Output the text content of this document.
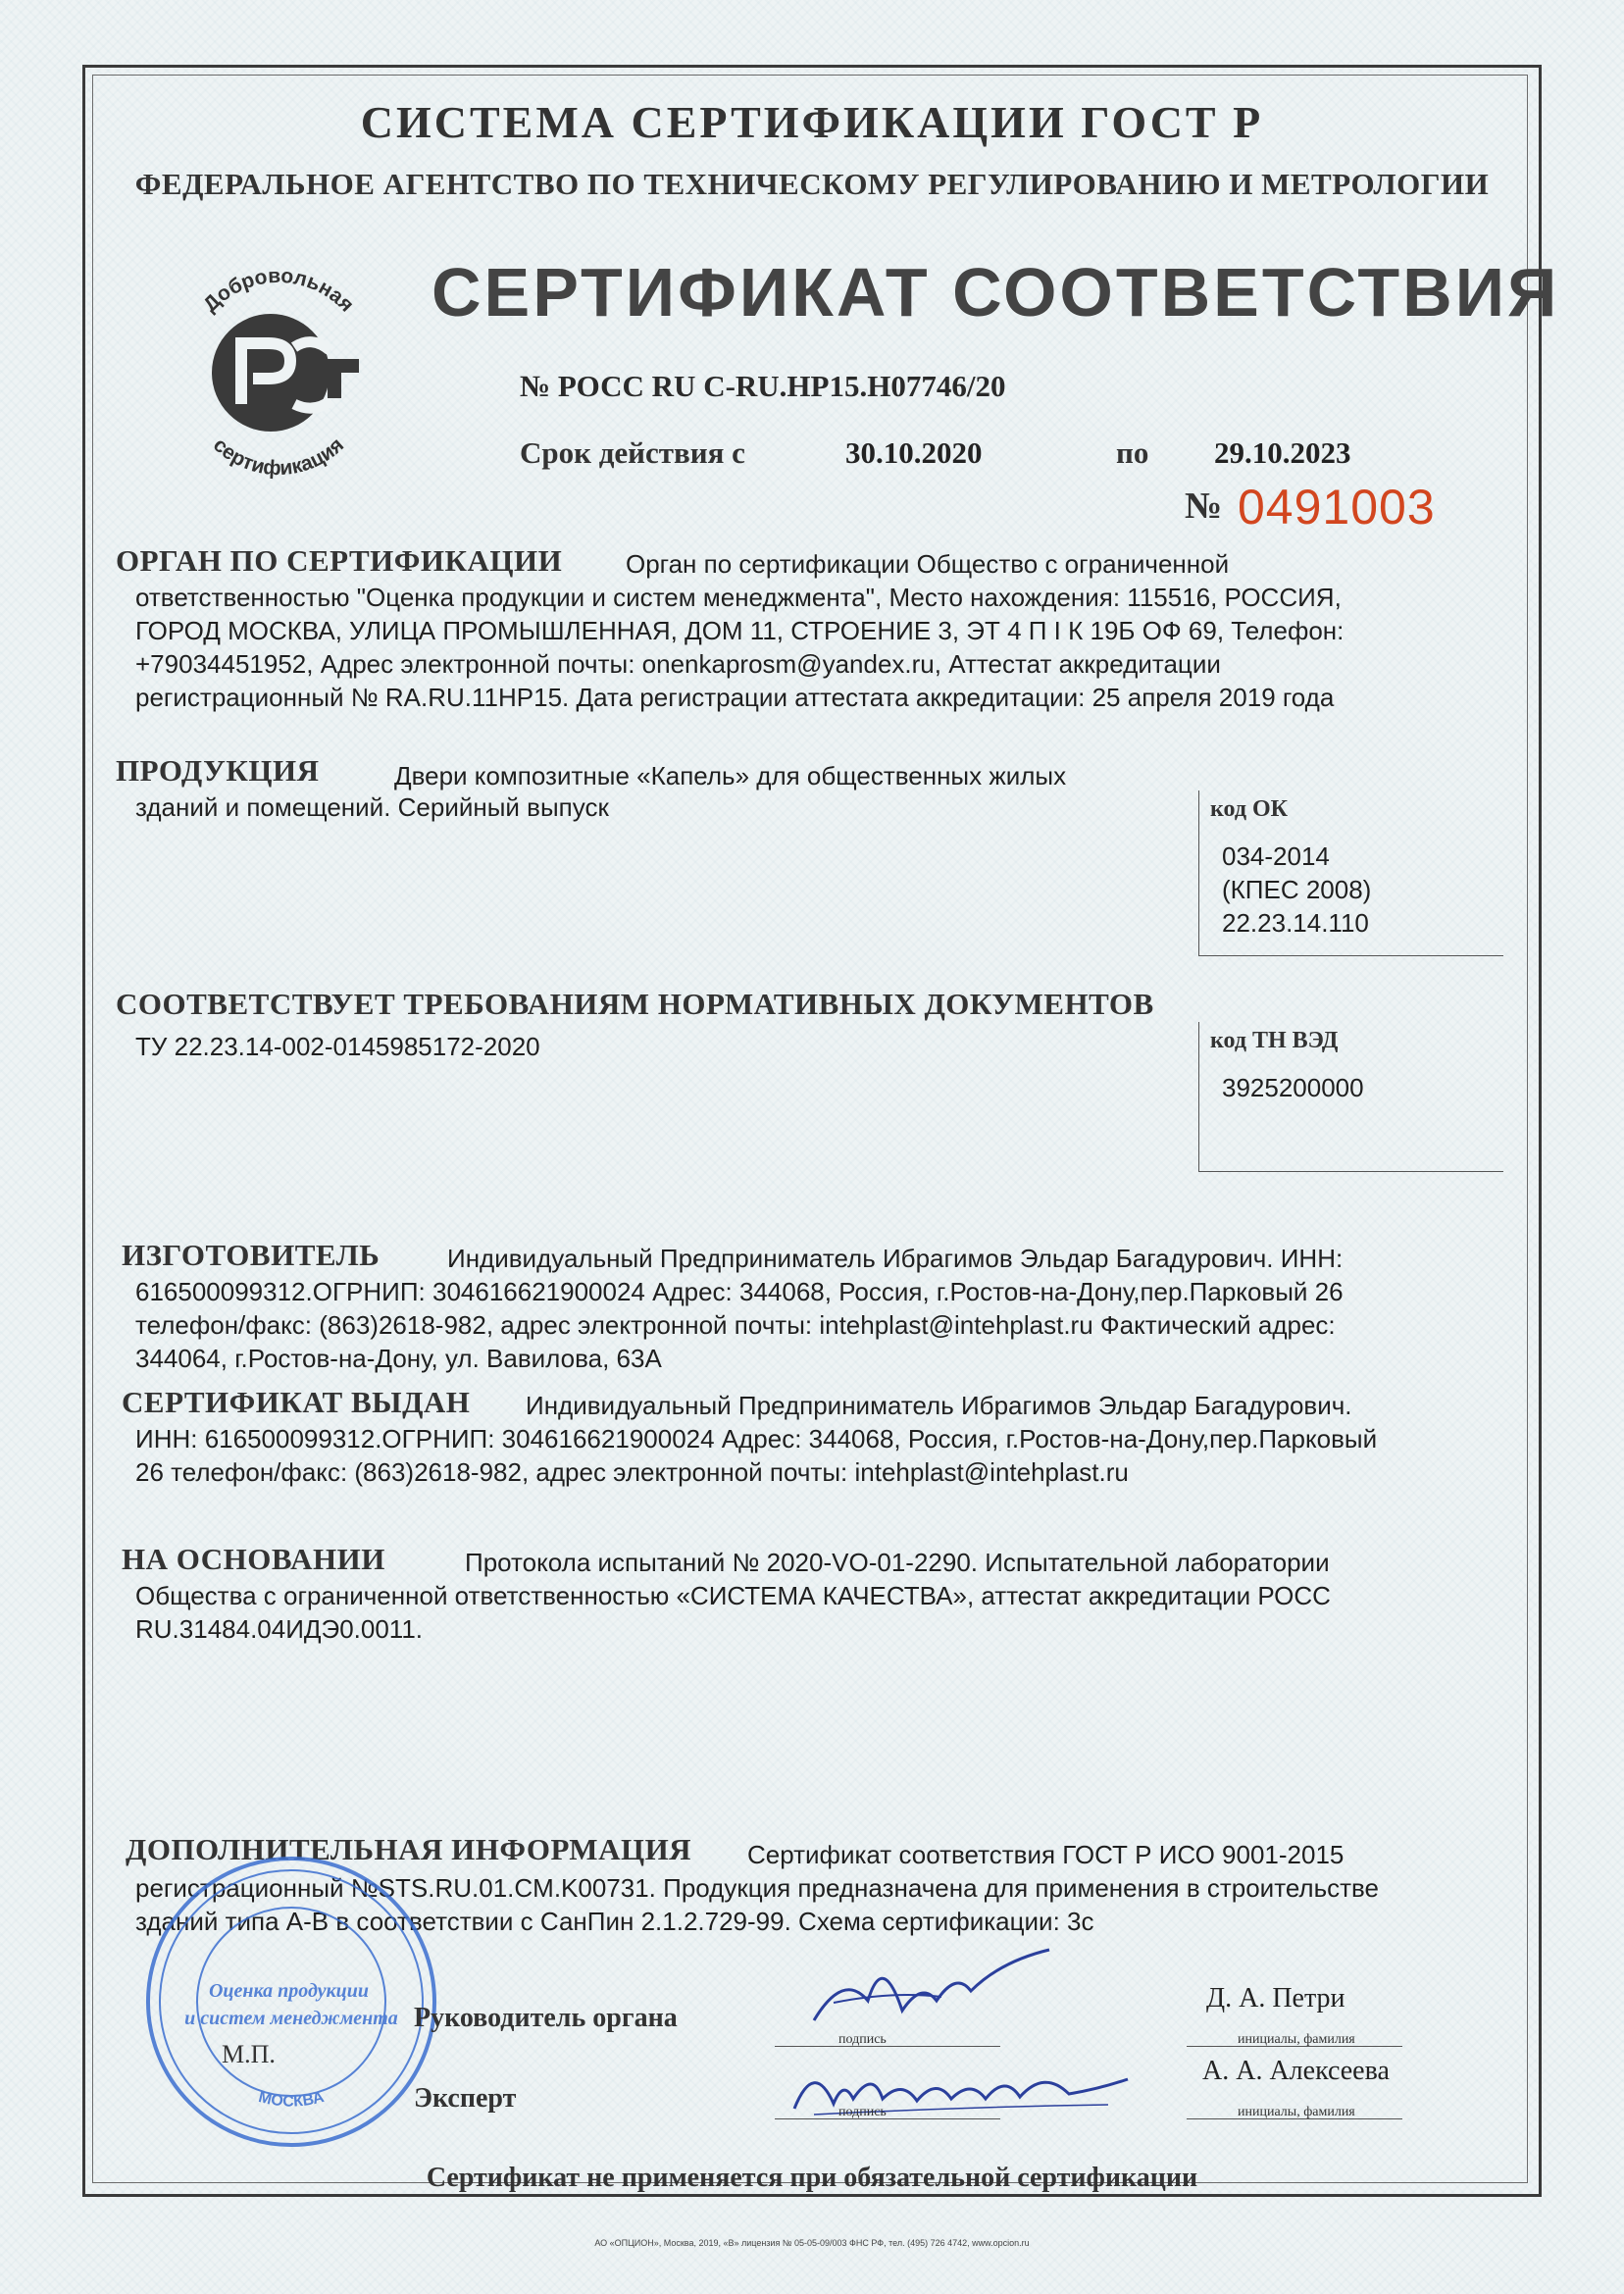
СИСТЕМА СЕРТИФИКАЦИИ ГОСТ Р
ФЕДЕРАЛЬНОЕ АГЕНТСТВО ПО ТЕХНИЧЕСКОМУ РЕГУЛИРОВАНИЮ И МЕТРОЛОГИИ
Добровольная
сертификация
СЕРТИФИКАТ СООТВЕТСТВИЯ
№ РОСС RU С-RU.НР15.Н07746/20
Срок действия с	30.10.2020	по 29.10.2023
№ 0491003
ОРГАН ПО СЕРТИФИКАЦИИ Орган по сертификации Общество с ограниченной
ответственностью "Оценка продукции и систем менеджмента", Место нахождения: 115516, РОССИЯ,
ГОРОД МОСКВА, УЛИЦА ПРОМЫШЛЕННАЯ, ДОМ 11, СТРОЕНИЕ 3, ЭТ 4 П I К 19Б ОФ 69, Телефон:
+79034451952, Адрес электронной почты: onenkaprosm@yandex.ru, Аттестат аккредитации
регистрационный № RA.RU.11НР15. Дата регистрации аттестата аккредитации: 25 апреля 2019 года
ПРОДУКЦИЯ	Двери композитные «Капель» для общественных жилых
зданий и помещений. Серийный выпуск	код ОК
034-2014
(КПЕС 2008)
22.23.14.110
СООТВЕТСТВУЕТ ТРЕБОВАНИЯМ НОРМАТИВНЫХ ДОКУМЕНТОВ
ТУ 22.23.14-002-0145985172-2020	код ТН ВЭД
3925200000
ИЗГОТОВИТЕЛЬ	Индивидуальный Предприниматель Ибрагимов Эльдар Багадурович. ИНН:
616500099312.ОГРНИП: 304616621900024 Адрес: 344068, Россия, г.Ростов-на-Дону,пер.Парковый 26
телефон/факс: (863)2618-982, адрес электронной почты: intehplast@intehplast.ru Фактический адрес:
344064, г.Ростов-на-Дону, ул. Вавилова, 63А
СЕРТИФИКАТ ВЫДАН Индивидуальный Предприниматель Ибрагимов Эльдар Багадурович.
ИНН: 616500099312.ОГРНИП: 304616621900024 Адрес: 344068, Россия, г.Ростов-на-Дону,пер.Парковый
26 телефон/факс: (863)2618-982, адрес электронной почты: intehplast@intehplast.ru
НА ОСНОВАНИИ	Протокола испытаний № 2020-VO-01-2290. Испытательной лаборатории
Общества с ограниченной ответственностью «СИСТЕМА КАЧЕСТВА», аттестат аккредитации РОСС
RU.31484.04ИДЭ0.0011.
ДОПОЛНИТЕЛЬНАЯ ИНФОРМАЦИЯ Сертификат соответствия ГОСТ Р ИСО 9001-2015
регистрационный №STS.RU.01.CM.K00731. Продукция предназначена для применения в строительстве
зданий типа А-В в соответствии с СанПин 2.1.2.729-99. Схема сертификации: 3с
Оценка продукции и систем менеджмента
МОСКВА
Руководитель органа
М.П.
Эксперт
подпись	инициалы, фамилия
Д. А. Петри
подпись	инициалы, фамилия
А. А. Алексеева
Сертификат не применяется при обязательной сертификации
АО «ОПЦИОН», Москва, 2019, «В» лицензия № 05-05-09/003 ФНС РФ, тел. (495) 726 4742, www.opcion.ru
